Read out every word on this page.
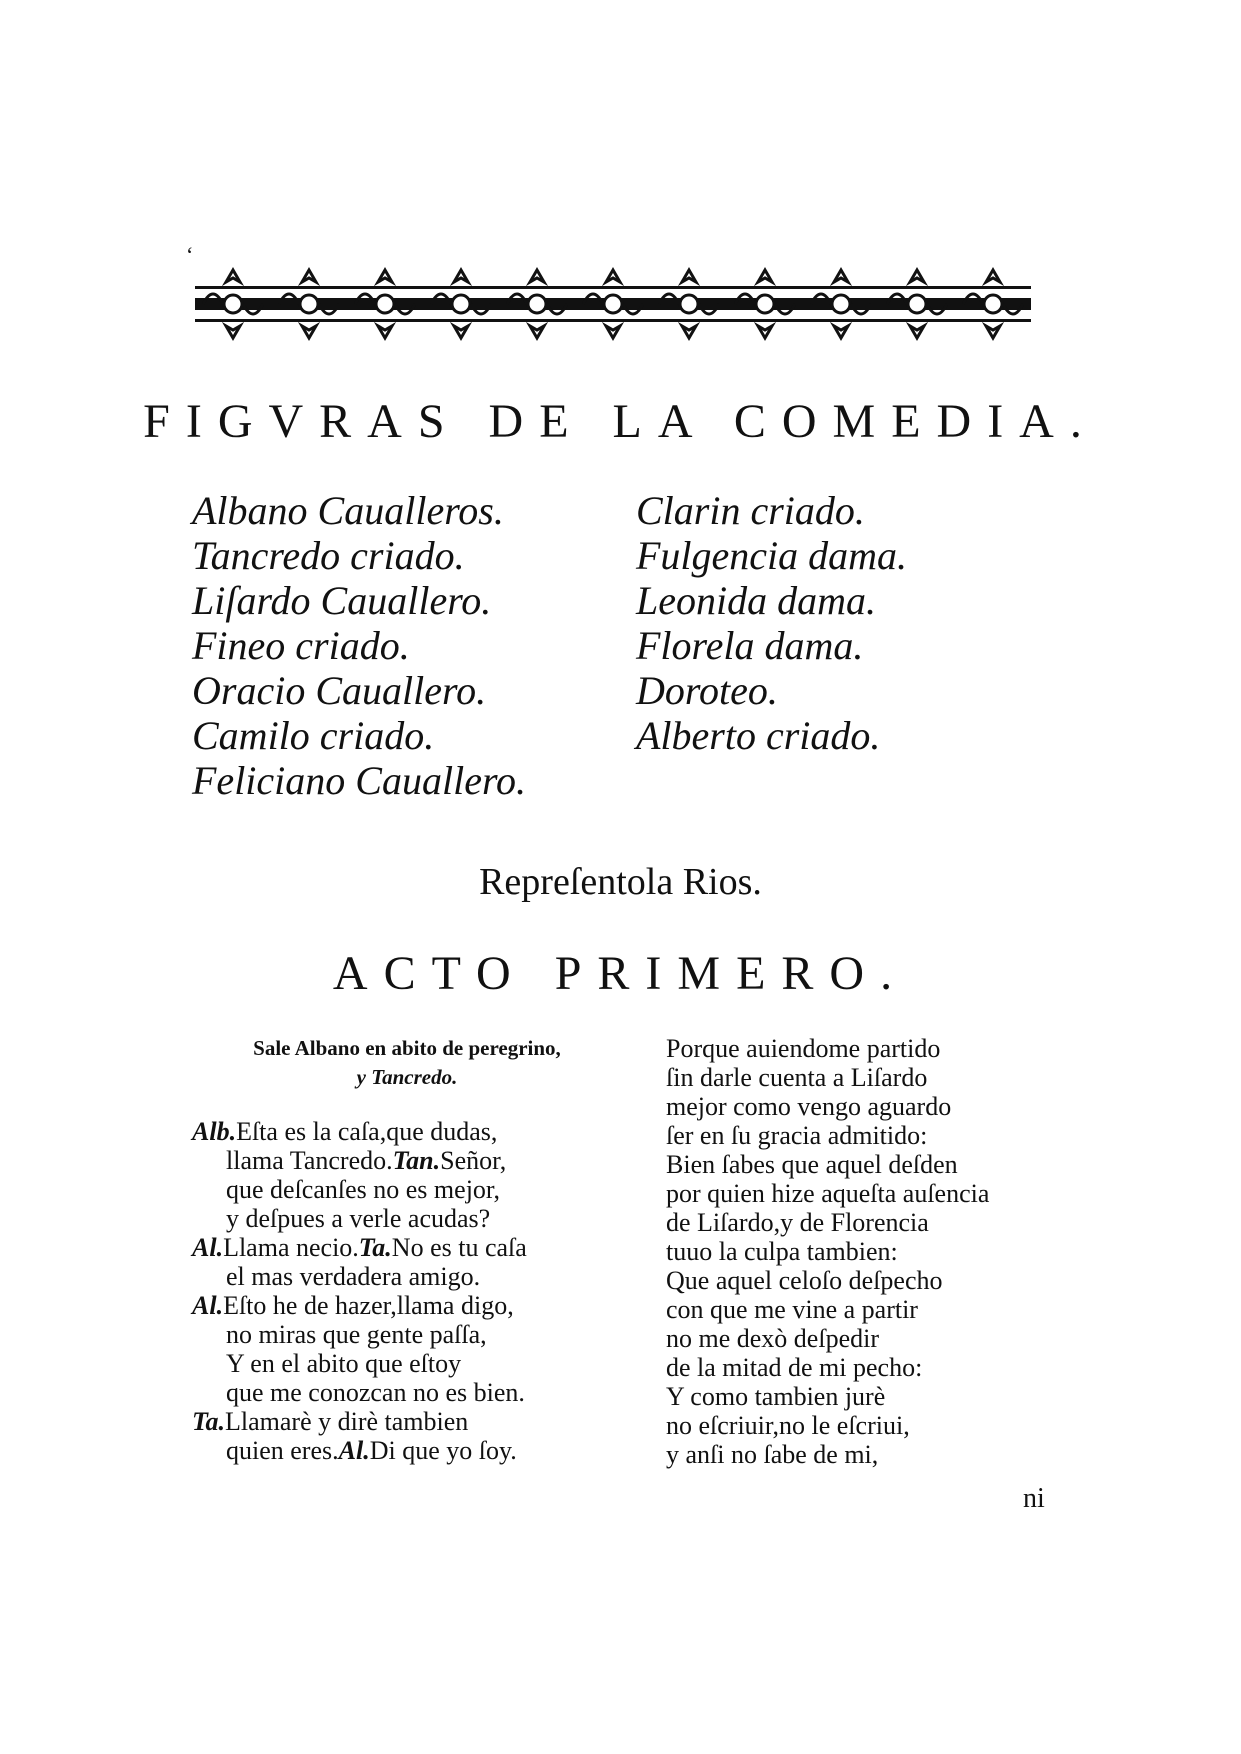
ʻ
FIGVRAS DE LA COMEDIA.
Albano Caualleros.
Tancredo criado.
Liſardo Cauallero.
Fineo criado.
Oracio Cauallero.
Camilo criado.
Feliciano Cauallero.
Clarin criado.
Fulgencia dama.
Leonida dama.
Florela dama.
Doroteo.
Alberto criado.
Repreſentola Rios.
ACTO PRIMERO.
Sale Albano en abito de peregrino,
y Tancredo.
Alb.Eſta es la caſa,que dudas,
llama Tancredo.Tan.Señor,
que deſcanſes no es mejor,
y deſpues a verle acudas?
Al.Llama necio.Ta.No es tu caſa
el mas verdadera amigo.
Al.Eſto he de hazer,llama digo,
no miras que gente paſſa,
Y en el abito que eſtoy
que me conozcan no es bien.
Ta.Llamarè y dirè tambien
quien eres.Al.Di que yo ſoy.
Porque auiendome partido
ſin darle cuenta a Liſardo
mejor como vengo aguardo
ſer en ſu gracia admitido:
Bien ſabes que aquel deſden
por quien hize aqueſta auſencia
de Liſardo,y de Florencia
tuuo la culpa tambien:
Que aquel celoſo deſpecho
con que me vine a partir
no me dexò deſpedir
de la mitad de mi pecho:
Y como tambien jurè
no eſcriuir,no le eſcriui,
y anſi no ſabe de mi,
ni
